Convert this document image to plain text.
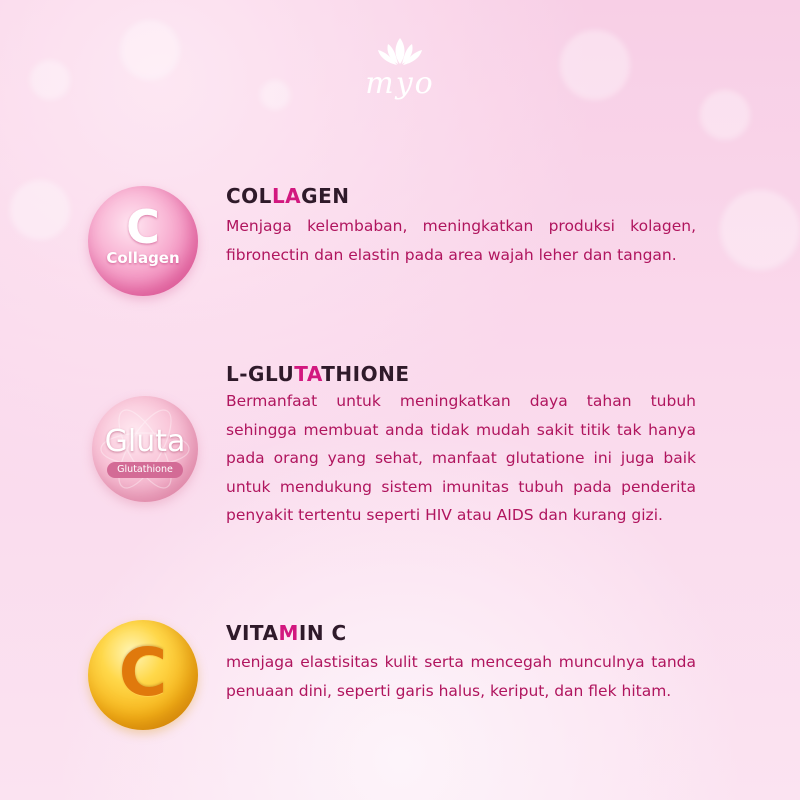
myo
C
Collagen
COLLAGEN
Menjaga kelembaban, meningkatkan produksi kolagen, fibronectin dan elastin pada area wajah leher dan tangan.
Gluta
Glutathione
L-GLUTATHIONE
Bermanfaat untuk meningkatkan daya tahan tubuh sehingga membuat anda tidak mudah sakit titik tak hanya pada orang yang sehat, manfaat glutatione ini juga baik untuk mendukung sistem imunitas tubuh pada penderita penyakit tertentu seperti HIV atau AIDS dan kurang gizi.
C
VITAMIN C
menjaga elastisitas kulit serta mencegah munculnya tanda penuaan dini, seperti garis halus, keriput, dan flek hitam.
